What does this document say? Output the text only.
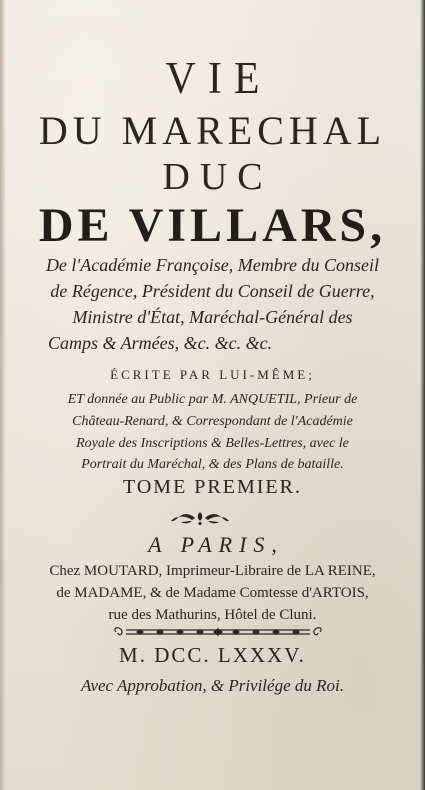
VIE

DU MARECHAL

DUC

DE VILLARS,

De l'Académie Françoise, Membre du Conseil

de Régence, Président du Conseil de Guerre,

Ministre d'État, Maréchal-Général des

Camps & Armées, &c. &c. &c.

ÉCRITE PAR LUI-MÊME;

ET donnée au Public par M. ANQUETIL, Prieur de

Château-Renard, & Correspondant de l'Académie

Royale des Inscriptions & Belles-Lettres, avec le

Portrait du Maréchal, & des Plans de bataille.

TOME PREMIER.

A PARIS,

Chez MOUTARD, Imprimeur-Libraire de LA REINE,

de MADAME, & de Madame Comtesse d'ARTOIS,

rue des Mathurins, Hôtel de Cluni.

M. DCC. LXXXV.

Avec Approbation, & Privilége du Roi.
